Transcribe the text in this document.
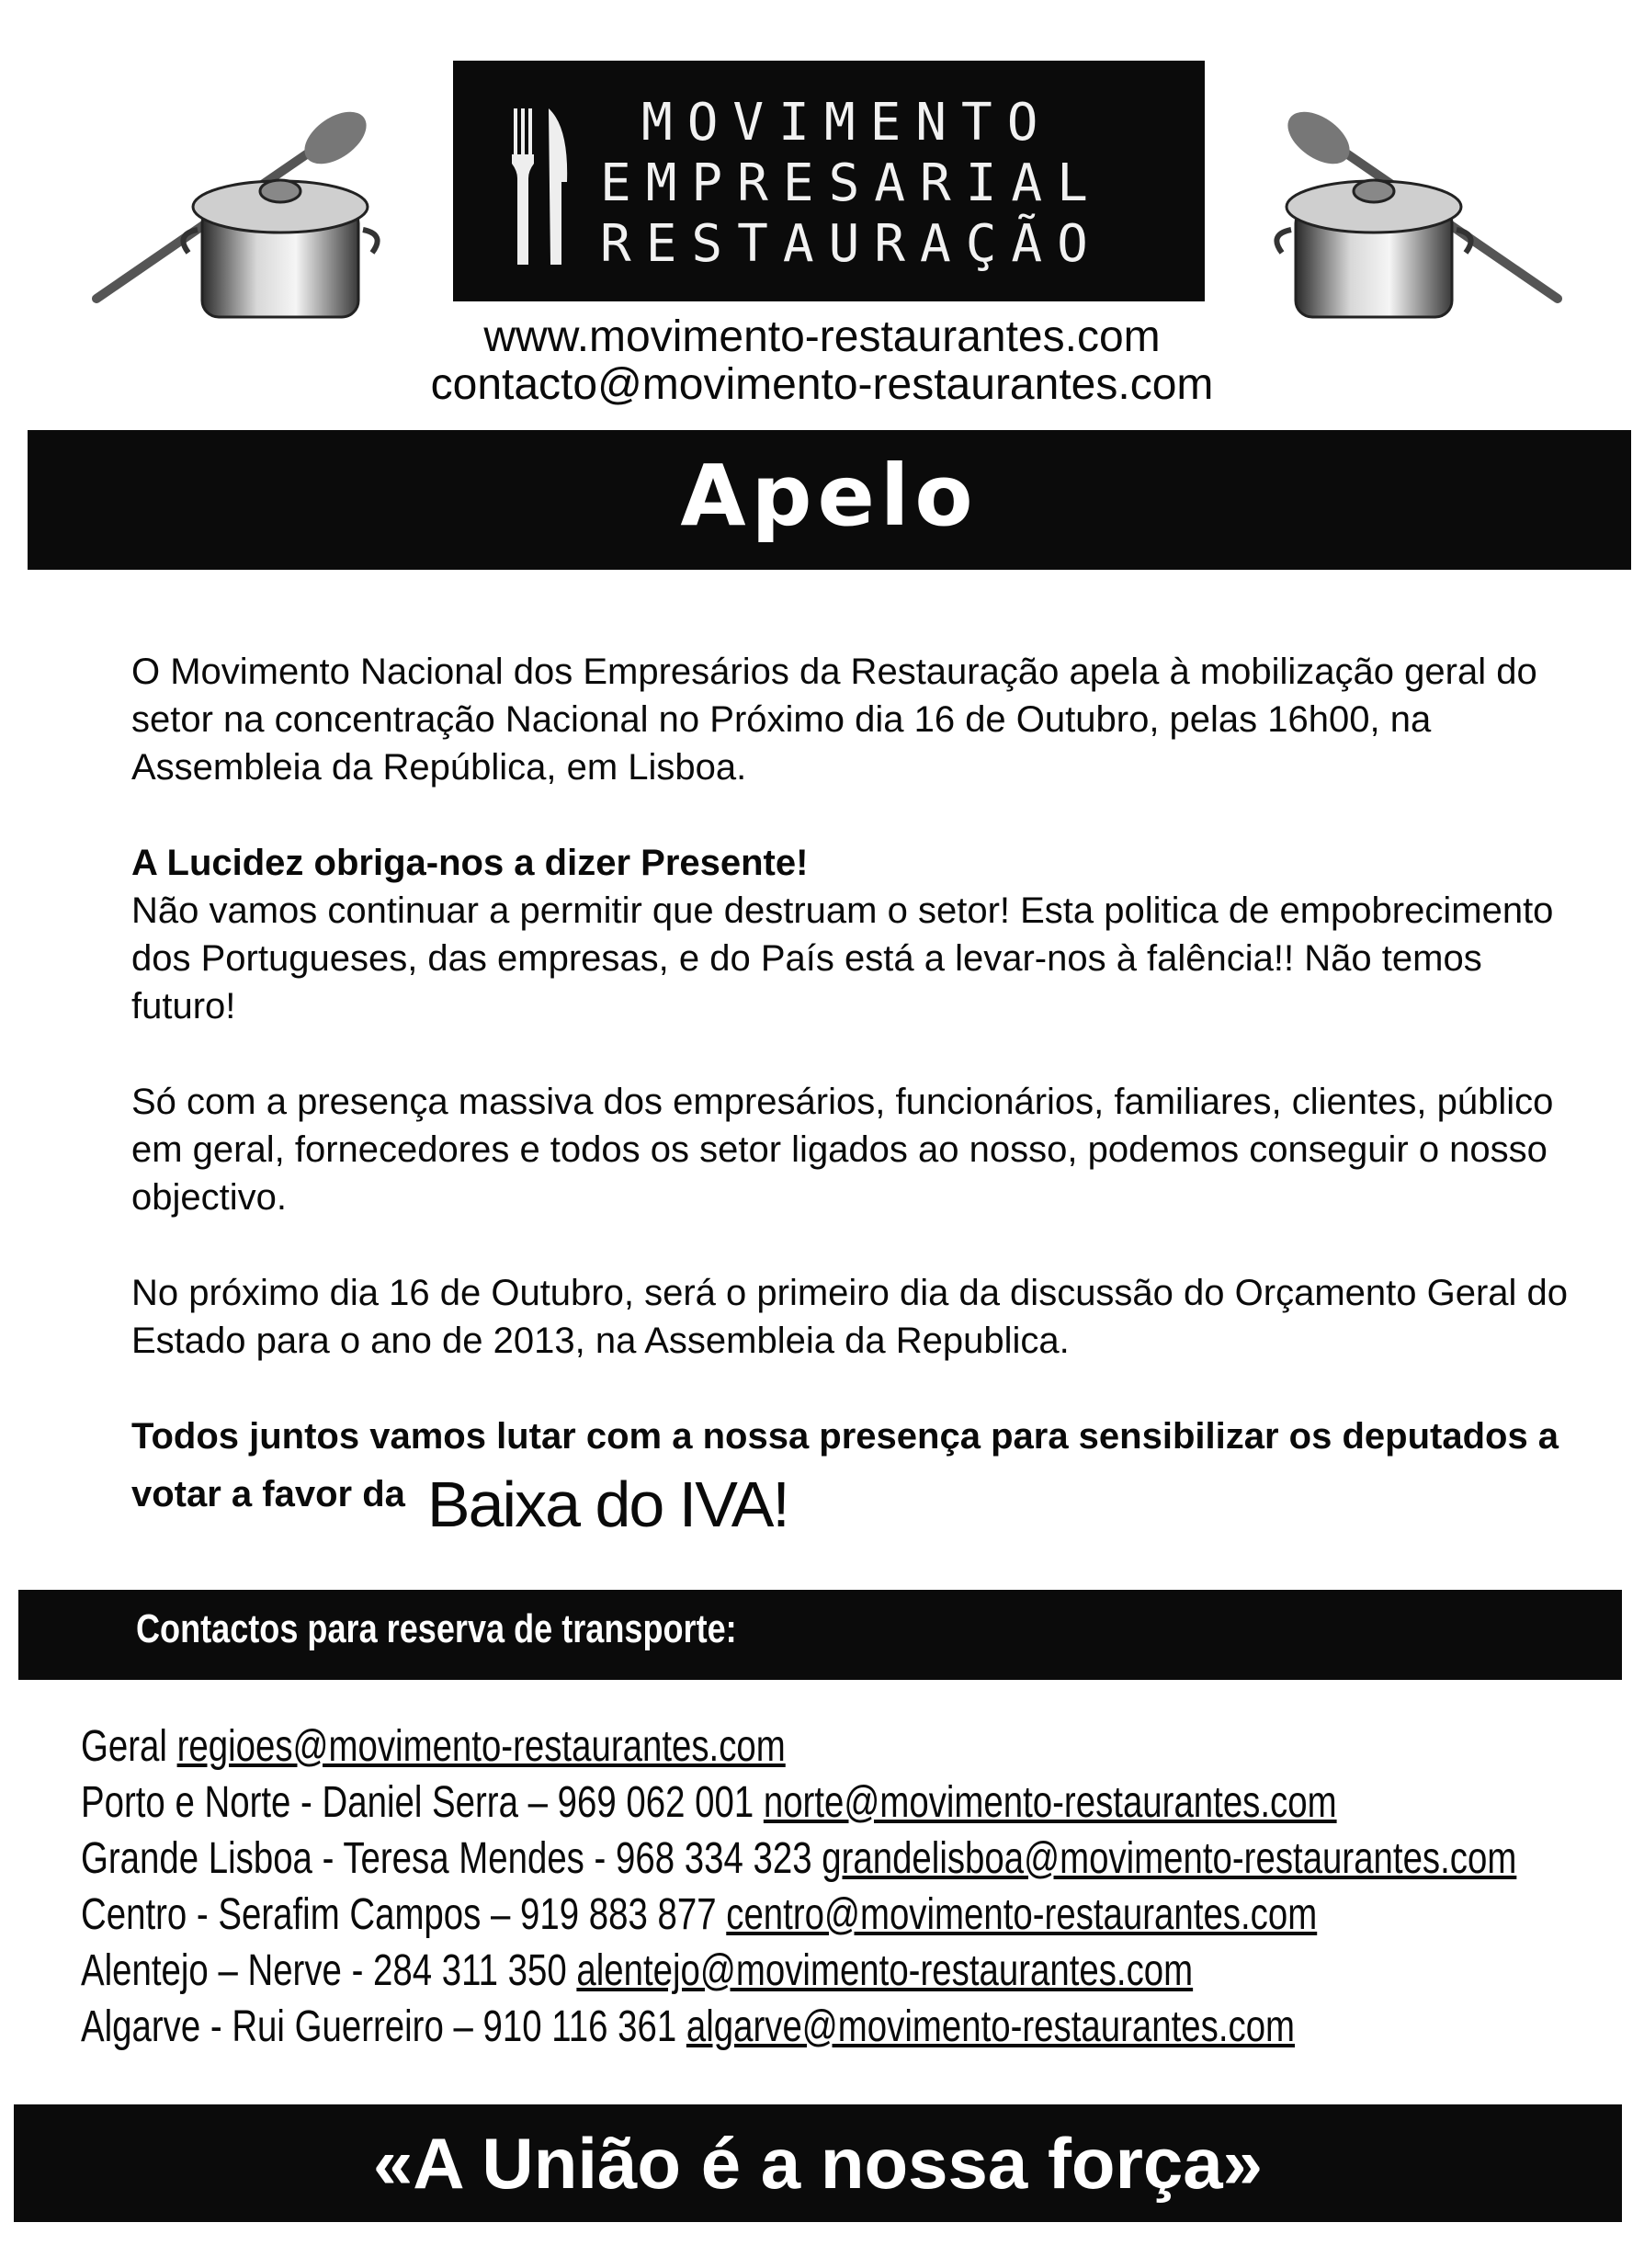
MOVIMENTO
EMPRESARIAL
RESTAURAÇÃO
www.movimento-restaurantes.com
contacto@movimento-restaurantes.com
Apelo

O Movimento Nacional dos Empresários da Restauração apela à mobilização geral do setor na concentração Nacional no Próximo dia 16 de Outubro, pelas 16h00, na Assembleia da República, em Lisboa.

A Lucidez obriga-nos a dizer Presente!
Não vamos continuar a permitir que destruam o setor! Esta politica de empobrecimento dos Portugueses, das empresas, e do País está a levar-nos à falência!! Não temos futuro!

Só com a presença massiva dos empresários, funcionários, familiares, clientes, público em geral, fornecedores e todos os setor ligados ao nosso, podemos conseguir o nosso objectivo.

No próximo dia 16 de Outubro, será o primeiro dia da discussão do Orçamento Geral do Estado para o ano de 2013, na Assembleia da Republica.

Todos juntos vamos lutar com a nossa presença para sensibilizar os deputados a votar a favor da Baixa do IVA!

Contactos para reserva de transporte:
Geral regioes@movimento-restaurantes.com
Porto e Norte - Daniel Serra – 969 062 001 norte@movimento-restaurantes.com
Grande Lisboa - Teresa Mendes - 968 334 323 grandelisboa@movimento-restaurantes.com
Centro - Serafim Campos – 919 883 877 centro@movimento-restaurantes.com
Alentejo – Nerve - 284 311 350 alentejo@movimento-restaurantes.com
Algarve - Rui Guerreiro – 910 116 361 algarve@movimento-restaurantes.com
«A União é a nossa força»
